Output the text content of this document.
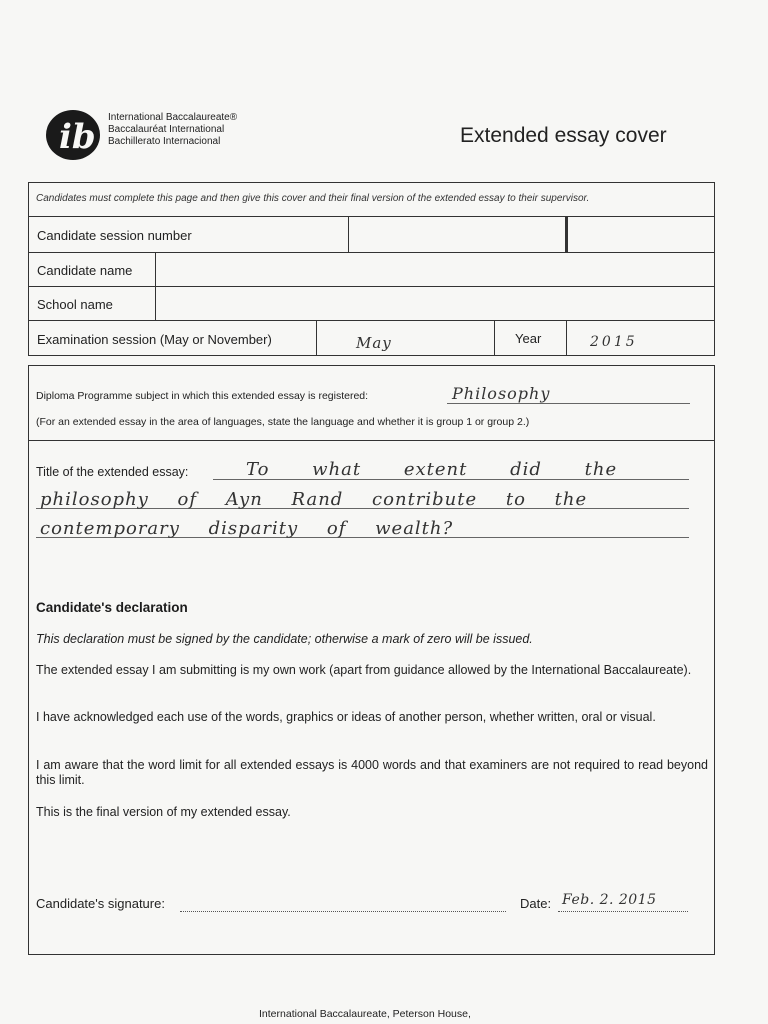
ib International Baccalaureate®
Baccalauréat International
Bachillerato Internacional	Extended essay cover
Candidates must complete this page and then give this cover and their final version of the extended essay to their supervisor.
Candidate session number
Candidate name
School name
Examination session (May or November)	May	Year	2015
Diploma Programme subject in which this extended essay is registered:	Philosophy
(For an extended essay in the area of languages, state the language and whether it is group 1 or group 2.)
Title of the extended essay:	To what extent did the
philosophy of Ayn Rand contribute to the
contemporary disparity of wealth?
Candidate's declaration
This declaration must be signed by the candidate; otherwise a mark of zero will be issued.
The extended essay I am submitting is my own work (apart from guidance allowed by the International Baccalaureate).
I have acknowledged each use of the words, graphics or ideas of another person, whether written, oral or visual.
I am aware that the word limit for all extended essays is 4000 words and that examiners are not required to read beyond this limit.
This is the final version of my extended essay.
Candidate's signature:	Date: Feb. 2. 2015
International Baccalaureate, Peterson House,
